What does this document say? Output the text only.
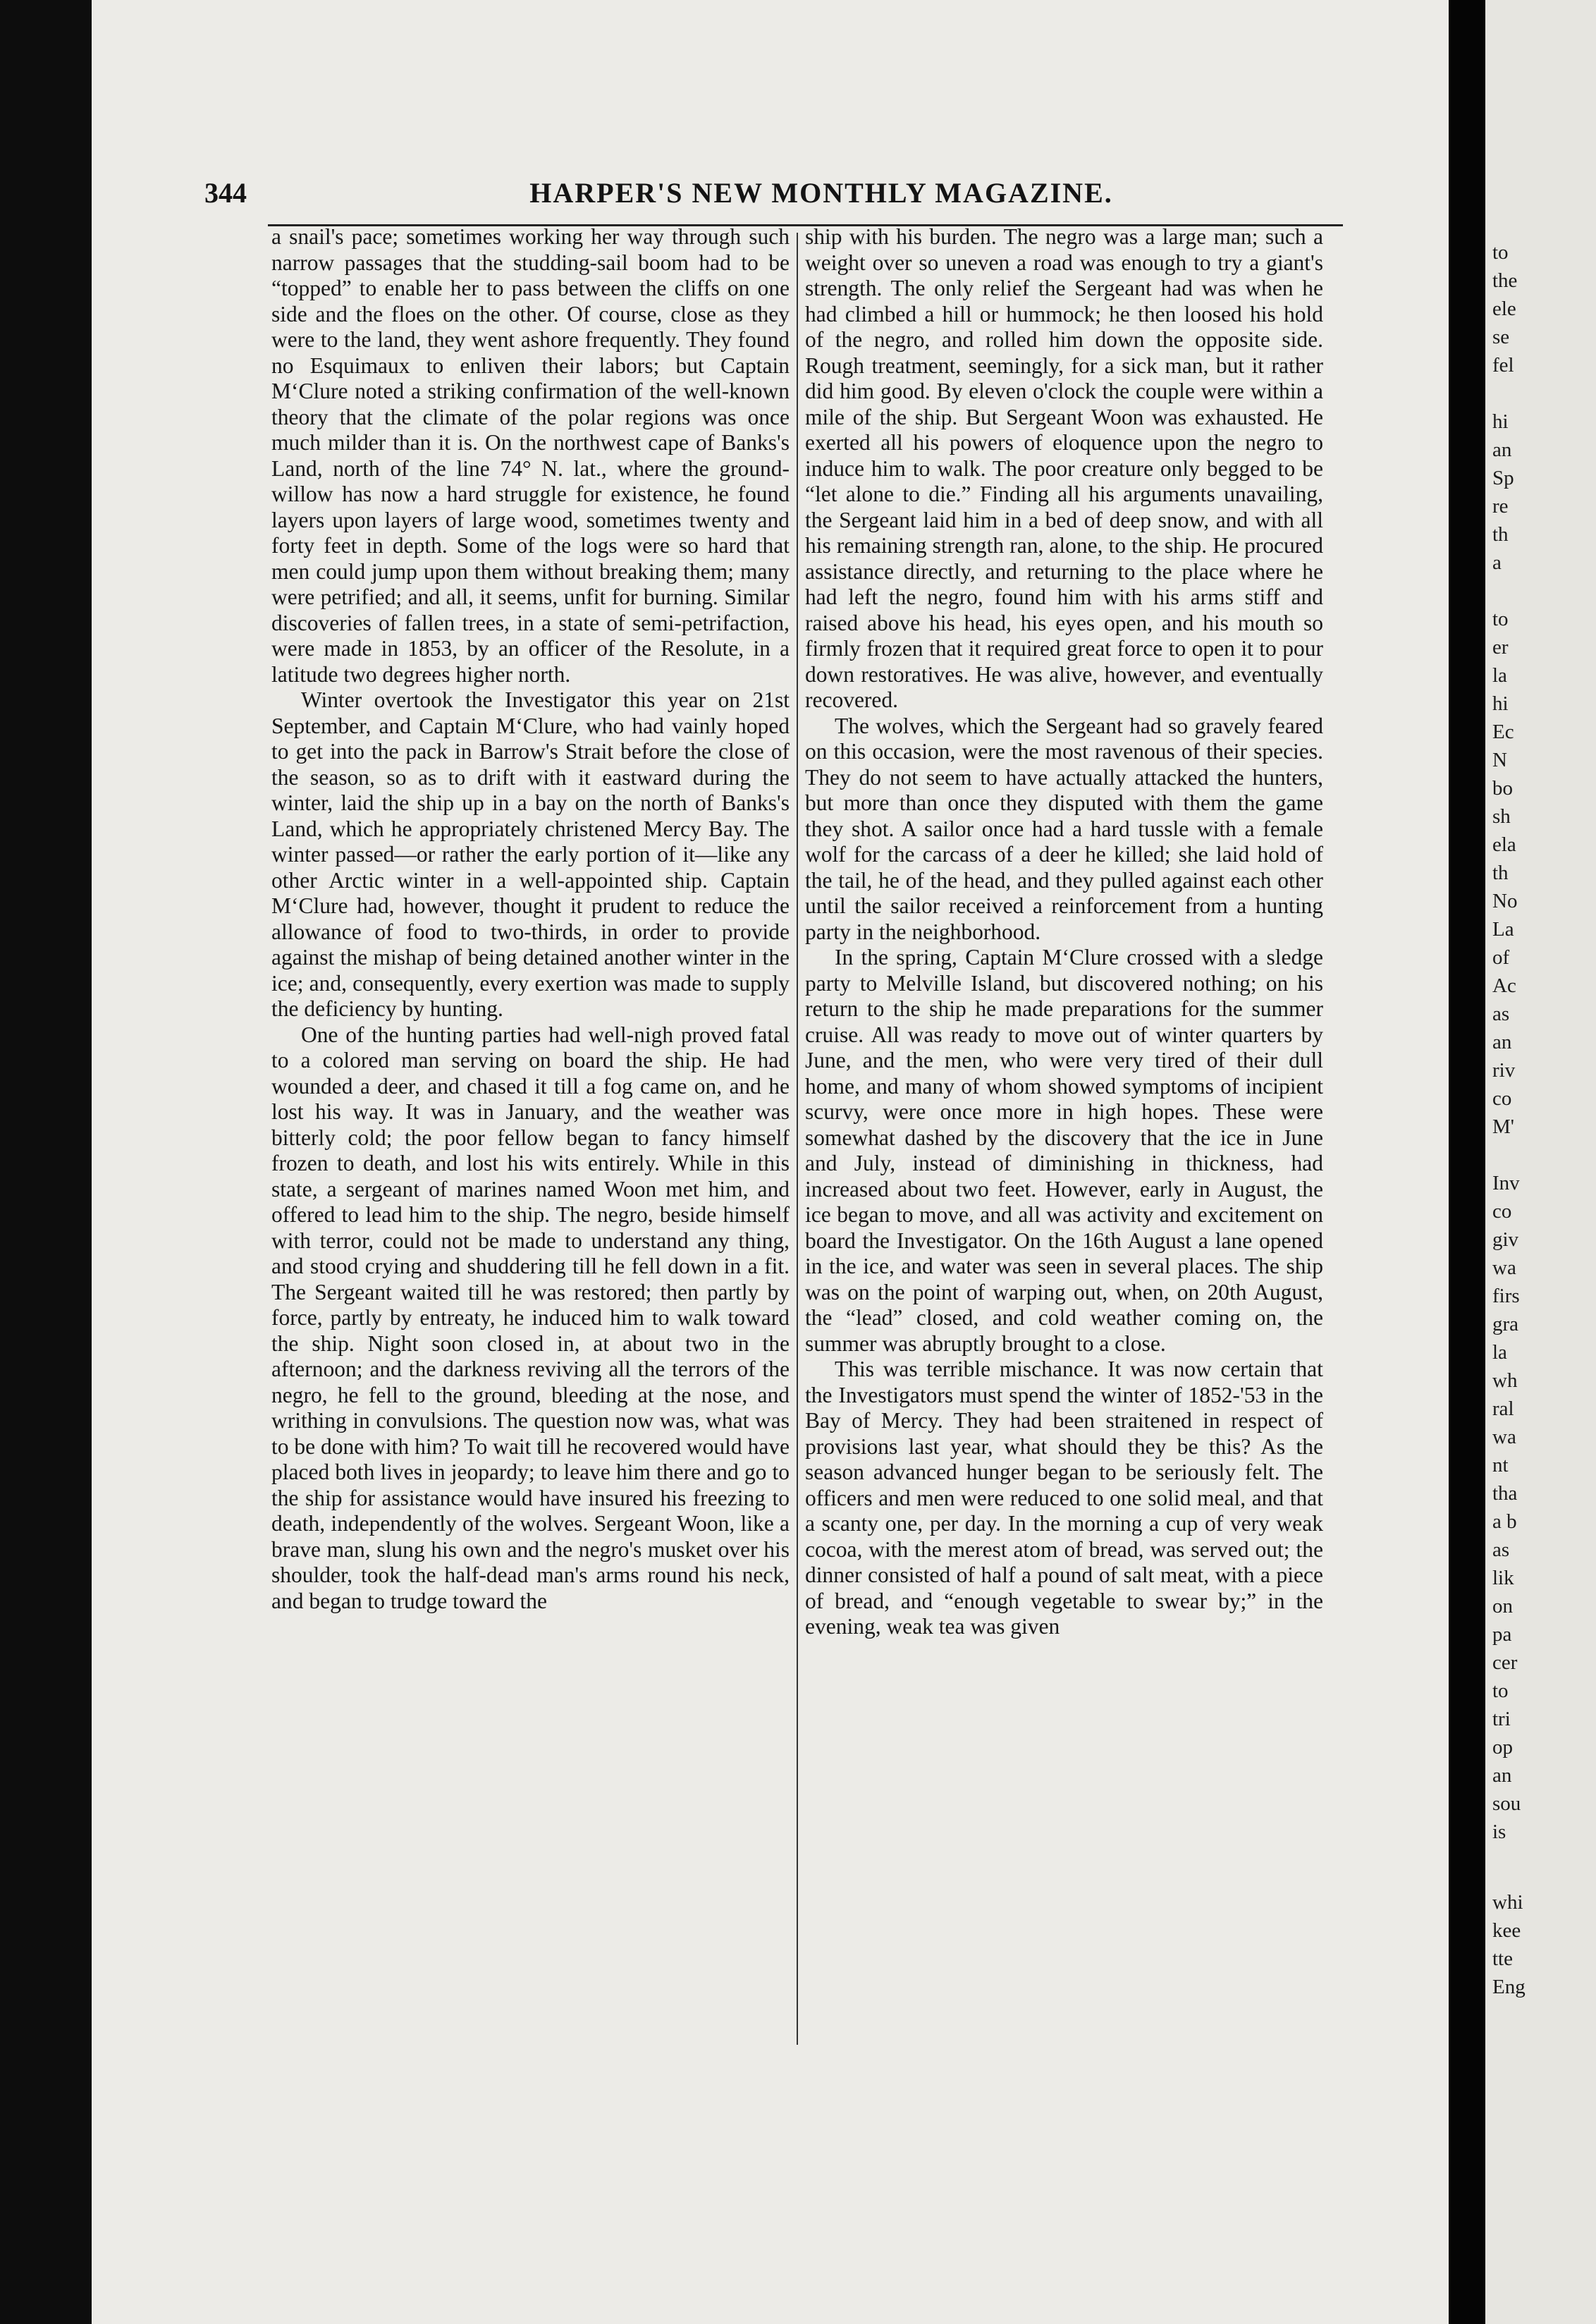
344	HARPER'S NEW MONTHLY MAGAZINE.

a snail's pace; sometimes working her way through such narrow passages that the studding-sail boom had to be “topped” to enable her to pass between the cliffs on one side and the floes on the other. Of course, close as they were to the land, they went ashore frequently. They found no Esquimaux to enliven their labors; but Captain M‘Clure noted a striking confirmation of the well-known theory that the climate of the polar regions was once much milder than it is. On the northwest cape of Banks's Land, north of the line 74° N. lat., where the ground-willow has now a hard struggle for existence, he found layers upon layers of large wood, sometimes twenty and forty feet in depth. Some of the logs were so hard that men could jump upon them without breaking them; many were petrified; and all, it seems, unfit for burning. Similar discoveries of fallen trees, in a state of semi-petrifaction, were made in 1853, by an officer of the Resolute, in a latitude two degrees higher north.

Winter overtook the Investigator this year on 21st September, and Captain M‘Clure, who had vainly hoped to get into the pack in Barrow's Strait before the close of the season, so as to drift with it eastward during the winter, laid the ship up in a bay on the north of Banks's Land, which he appropriately christened Mercy Bay. The winter passed—or rather the early portion of it—like any other Arctic winter in a well-appointed ship. Captain M‘Clure had, however, thought it prudent to reduce the allowance of food to two-thirds, in order to provide against the mishap of being detained another winter in the ice; and, consequently, every exertion was made to supply the deficiency by hunting.

One of the hunting parties had well-nigh proved fatal to a colored man serving on board the ship. He had wounded a deer, and chased it till a fog came on, and he lost his way. It was in January, and the weather was bitterly cold; the poor fellow began to fancy himself frozen to death, and lost his wits entirely. While in this state, a sergeant of marines named Woon met him, and offered to lead him to the ship. The negro, beside himself with terror, could not be made to understand any thing, and stood crying and shuddering till he fell down in a fit. The Sergeant waited till he was restored; then partly by force, partly by entreaty, he induced him to walk toward the ship. Night soon closed in, at about two in the afternoon; and the darkness reviving all the terrors of the negro, he fell to the ground, bleeding at the nose, and writhing in convulsions. The question now was, what was to be done with him? To wait till he recovered would have placed both lives in jeopardy; to leave him there and go to the ship for assistance would have insured his freezing to death, independently of the wolves. Sergeant Woon, like a brave man, slung his own and the negro's musket over his shoulder, took the half-dead man's arms round his neck, and began to trudge toward the

ship with his burden. The negro was a large man; such a weight over so uneven a road was enough to try a giant's strength. The only relief the Sergeant had was when he had climbed a hill or hummock; he then loosed his hold of the negro, and rolled him down the opposite side. Rough treatment, seemingly, for a sick man, but it rather did him good. By eleven o'clock the couple were within a mile of the ship. But Sergeant Woon was exhausted. He exerted all his powers of eloquence upon the negro to induce him to walk. The poor creature only begged to be “let alone to die.” Finding all his arguments unavailing, the Sergeant laid him in a bed of deep snow, and with all his remaining strength ran, alone, to the ship. He procured assistance directly, and returning to the place where he had left the negro, found him with his arms stiff and raised above his head, his eyes open, and his mouth so firmly frozen that it required great force to open it to pour down restoratives. He was alive, however, and eventually recovered.

The wolves, which the Sergeant had so gravely feared on this occasion, were the most ravenous of their species. They do not seem to have actually attacked the hunters, but more than once they disputed with them the game they shot. A sailor once had a hard tussle with a female wolf for the carcass of a deer he killed; she laid hold of the tail, he of the head, and they pulled against each other until the sailor received a reinforcement from a hunting party in the neighborhood.

In the spring, Captain M‘Clure crossed with a sledge party to Melville Island, but discovered nothing; on his return to the ship he made preparations for the summer cruise. All was ready to move out of winter quarters by June, and the men, who were very tired of their dull home, and many of whom showed symptoms of incipient scurvy, were once more in high hopes. These were somewhat dashed by the discovery that the ice in June and July, instead of diminishing in thickness, had increased about two feet. However, early in August, the ice began to move, and all was activity and excitement on board the Investigator. On the 16th August a lane opened in the ice, and water was seen in several places. The ship was on the point of warping out, when, on 20th August, the “lead” closed, and cold weather coming on, the summer was abruptly brought to a close.

This was terrible mischance. It was now certain that the Investigators must spend the winter of 1852-'53 in the Bay of Mercy. They had been straitened in respect of provisions last year, what should they be this? As the season advanced hunger began to be seriously felt. The officers and men were reduced to one solid meal, and that a scanty one, per day. In the morning a cup of very weak cocoa, with the merest atom of bread, was served out; the dinner consisted of half a pound of salt meat, with a piece of bread, and “enough vegetable to swear by;” in the evening, weak tea was given

to
the
ele
se
fel
hi
an
Sp
re
th
a
to
er
la
hi
Ec
N
bo
sh
ela
th
No
La
of
Ac
as
an
riv
co
M'
Inv
co
giv
wa
firs
gra
la
wh
ral
wa
nt
tha
a b
as
lik
on
pa
cer
to
tri
op
an
sou
is
whi
kee
tte
Eng
